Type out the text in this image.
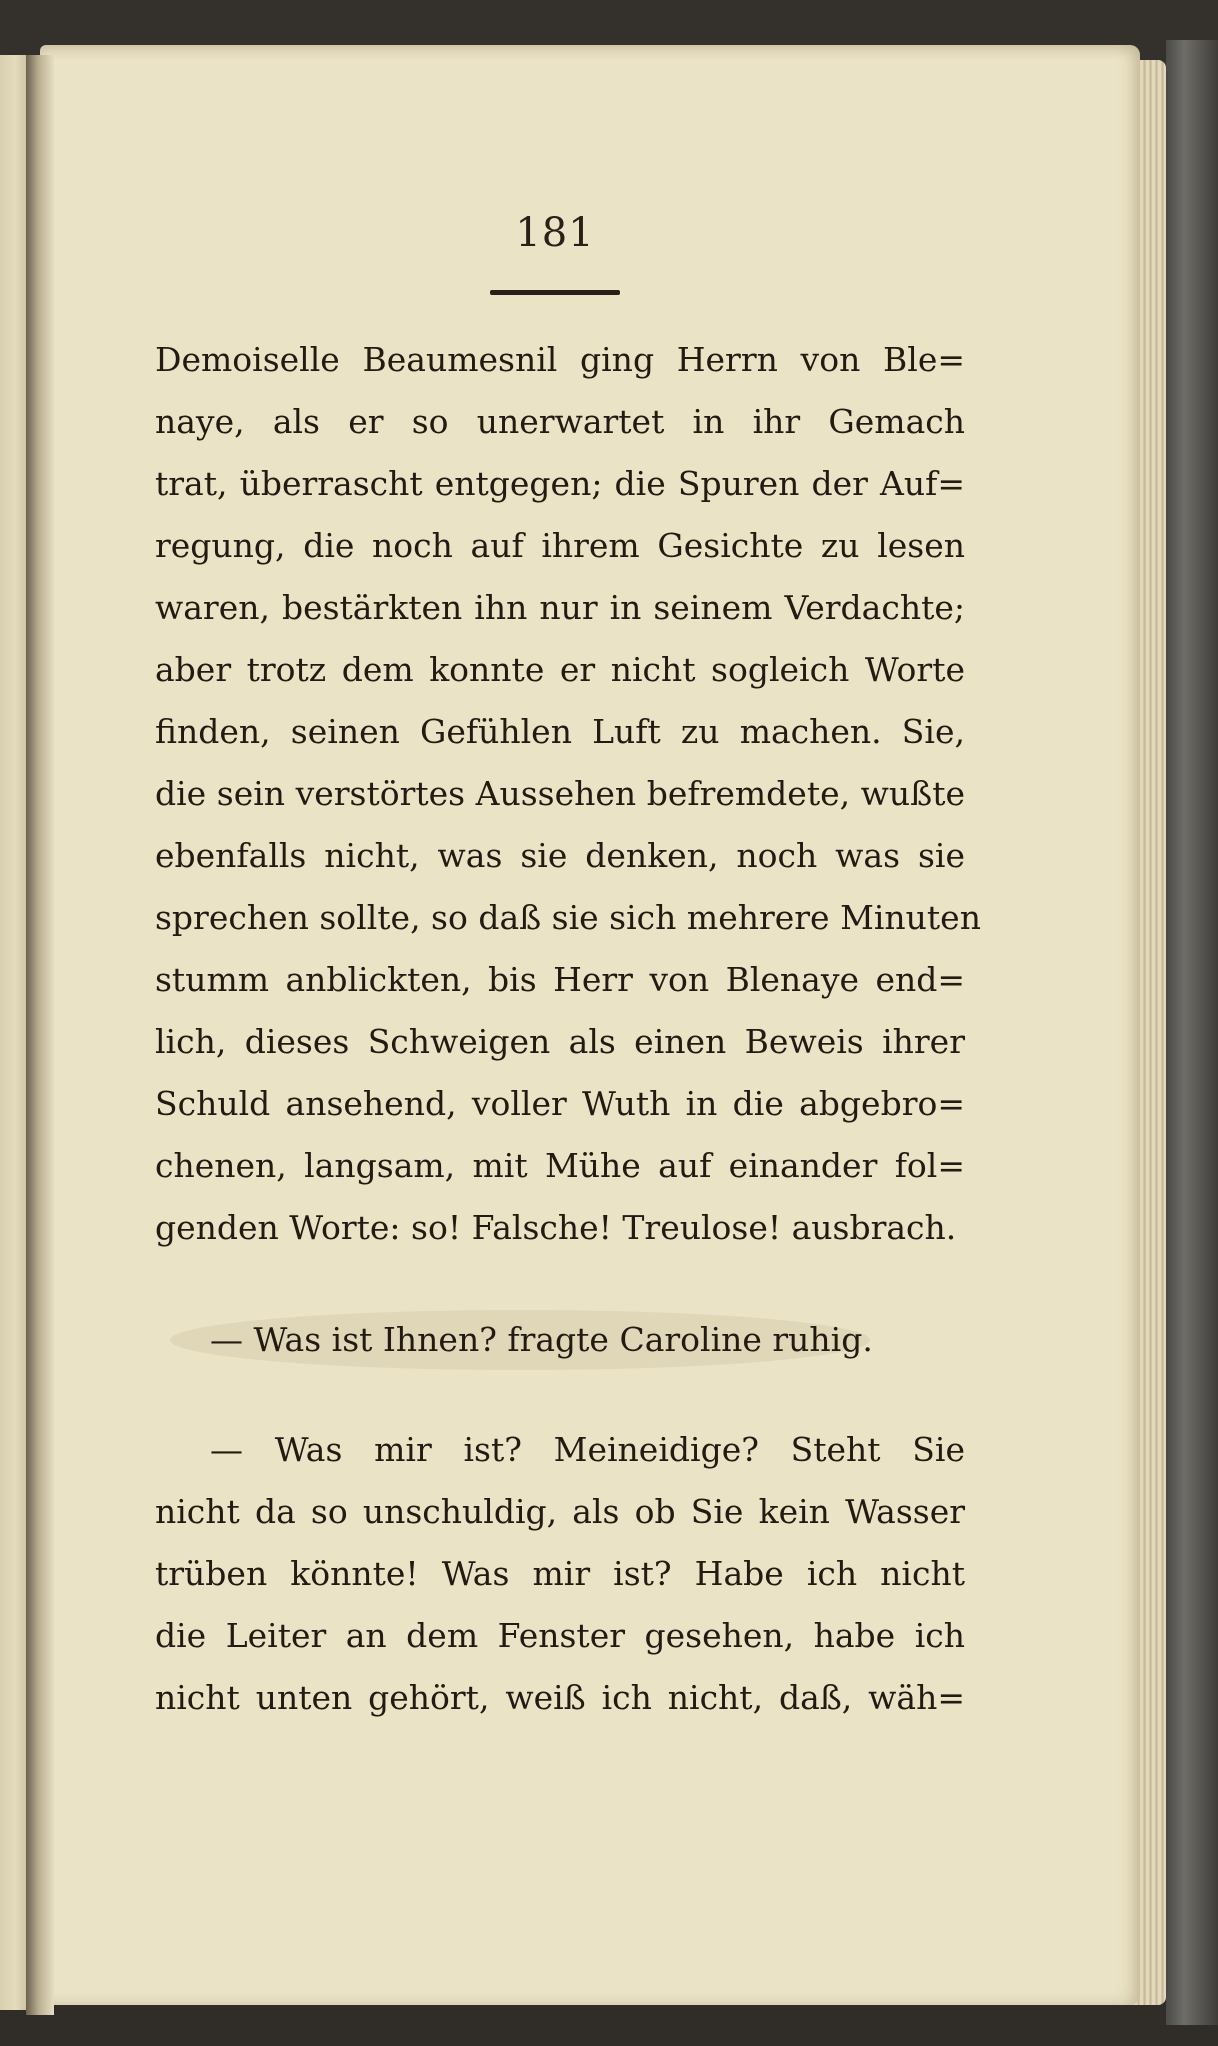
181
Demoiselle Beaumesnil ging Herrn von Ble=
naye, als er so unerwartet in ihr Gemach
trat, überrascht entgegen; die Spuren der Auf=
regung, die noch auf ihrem Gesichte zu lesen
waren, bestärkten ihn nur in seinem Verdachte;
aber trotz dem konnte er nicht sogleich Worte
finden, seinen Gefühlen Luft zu machen. Sie,
die sein verstörtes Aussehen befremdete, wußte
ebenfalls nicht, was sie denken, noch was sie
sprechen sollte, so daß sie sich mehrere Minuten
stumm anblickten, bis Herr von Blenaye end=
lich, dieses Schweigen als einen Beweis ihrer
Schuld ansehend, voller Wuth in die abgebro=
chenen, langsam, mit Mühe auf einander fol=
genden Worte: so! Falsche! Treulose! ausbrach.
— Was ist Ihnen? fragte Caroline ruhig.
— Was mir ist? Meineidige? Steht Sie
nicht da so unschuldig, als ob Sie kein Wasser
trüben könnte! Was mir ist? Habe ich nicht
die Leiter an dem Fenster gesehen, habe ich
nicht unten gehört, weiß ich nicht, daß, wäh=
